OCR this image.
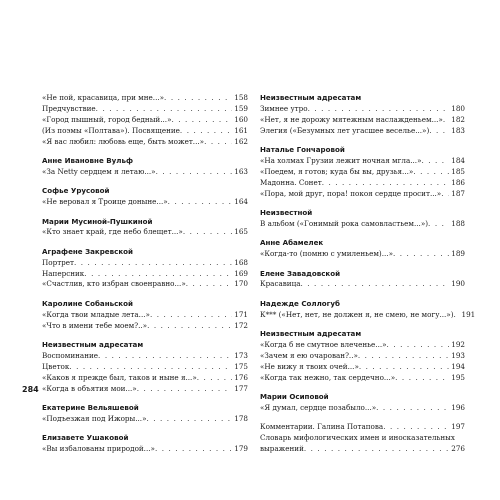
«Не пой, красавица, при мне...» . . .	158
Предчувствие . . .	159
«Город пышный, город бедный...» . . .	160
(Из поэмы «Полтава»). Посвящение . . .	161
«Я вас любил: любовь еще, быть может...» . . .	162
Анне Ивановне Вульф
«За Netty сердцем я летаю...» . . .	163
Софье Урусовой
«Не веровал я Троице доныне...» . . .	164
Марии Мусиной-Пушкиной
«Кто знает край, где небо блещет...» . . .	165
Аграфене Закревской
Портрет . . .	168
Наперсник . . .	169
«Счастлив, кто избран своенравно...» . . .	170
Каролине Собаньской
«Когда твои младые лета...» . . .	171
«Что в имени тебе моем?..» . . .	172
Неизвестным адресатам
Воспоминание . . .	173
Цветок . . .	175
«Каков я прежде был, таков и ныне я...» . . .	176
«Когда в объятия мои...» . . .	177
Екатерине Вельяшевой
«Подъезжая под Ижоры...» . . .	178
Елизавете Ушаковой
«Вы избалованы природой...» . . .	179
Неизвестным адресатам
Зимнее утро . . .	180
«Нет, я не дорожу мятежным наслажденьем...» . . . 182
Элегия («Безумных лет угасшее веселье...») . . .	183
Наталье Гончаровой
«На холмах Грузии лежит ночная мгла...» . . .	184
«Поедем, я готов; куда бы вы, друзья...» . . .	185
Мадонна. Сонет . . .	186
«Пора, мой друг, пора! покоя сердце просит...» . . . 187
Неизвестной
В альбом («Гонимый рока самовластьем...») . . .	188
Анне Абамелек
«Когда-то (помню с умиленьем)...» . . .	189
Елене Завадовской
Красавица . . .	190
Надежде Соллогуб
К*** («Нет, нет, не должен я, не смею, не могу...») . . . 191
Неизвестным адресатам
«Когда б не смутное влеченье...» . . .	192
«Зачем я ею очарован?..» . . .	193
«Не вижу я твоих очей...» . . .	194
«Когда так нежно, так сердечно...» . . .	195
Марии Осиповой
«Я думал, сердце позабыло...» . . .	196
Комментарии. Галина Потапова . . .	197
Словарь мифологических имен и иносказательных
выражений . . .	276
284
